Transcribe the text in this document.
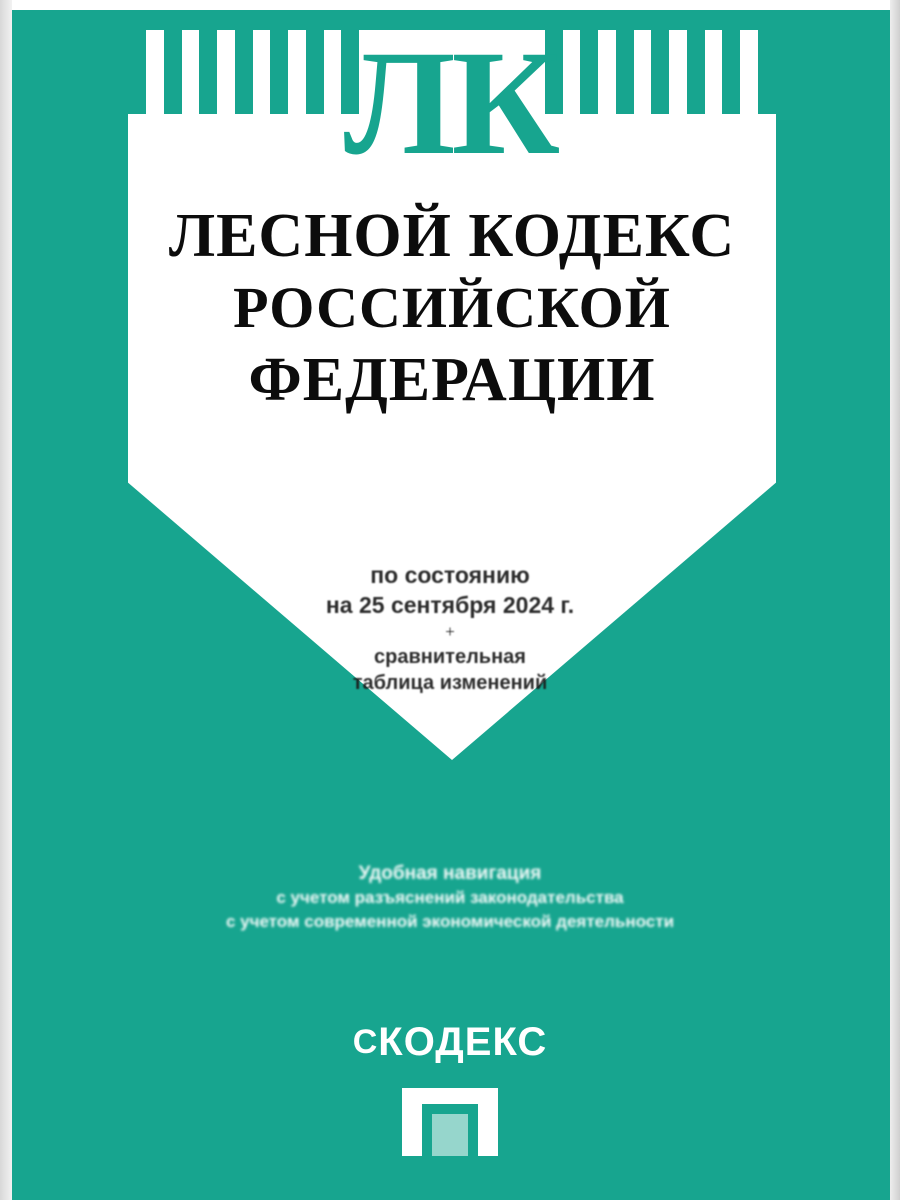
ЛК
ЛЕСНОЙ КОДЕКС
РОССИЙСКОЙ
ФЕДЕРАЦИИ
по состоянию
на 25 сентября 2024 г.
+
сравнительная
таблица изменений
Удобная навигация
с учетом разъяснений законодательства
с учетом современной экономической деятельности
СКОДЕКС
